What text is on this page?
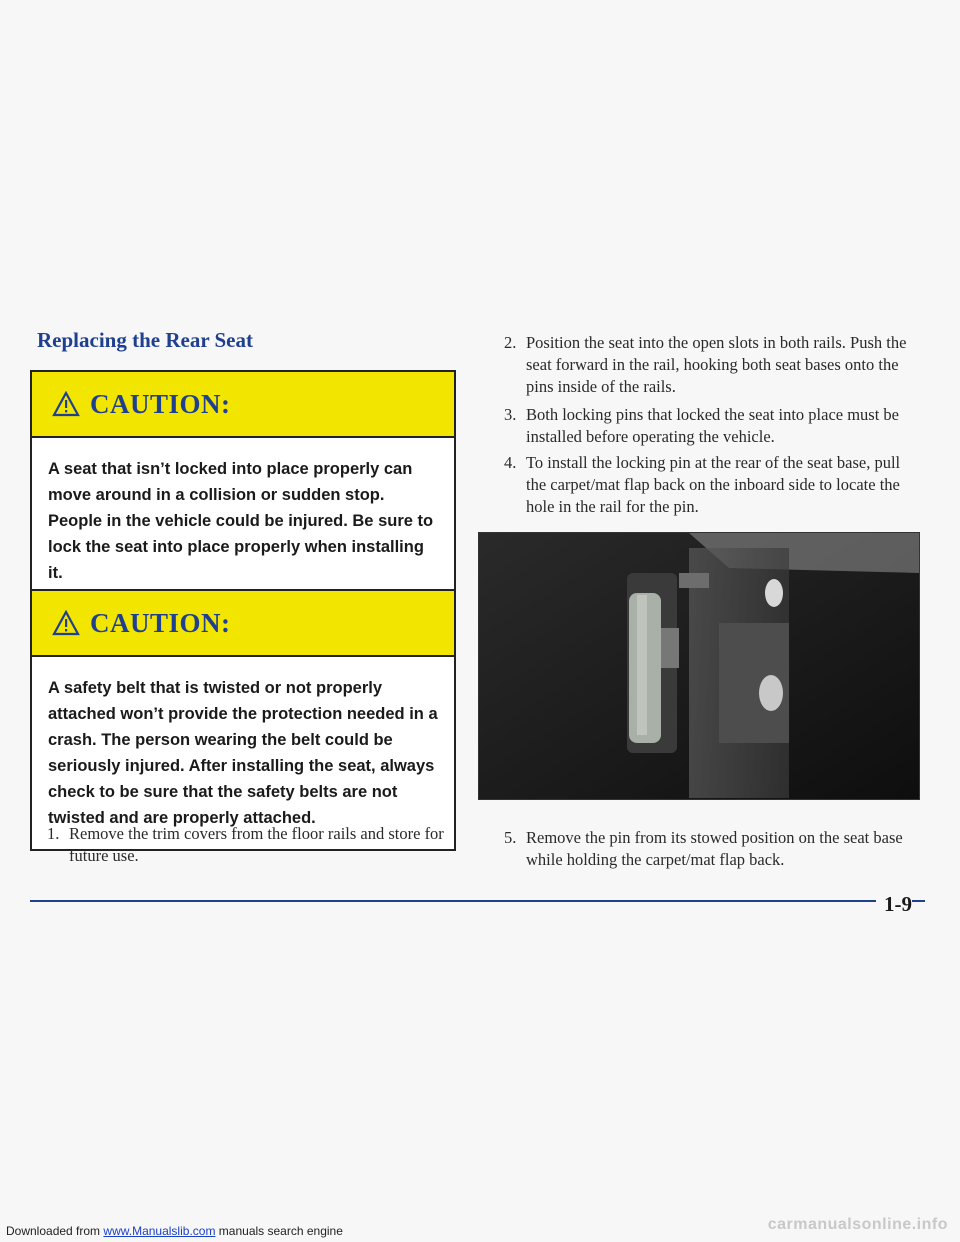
Replacing the Rear Seat
CAUTION:
A seat that isn’t locked into place properly can move around in a collision or sudden stop. People in the vehicle could be injured. Be sure to lock the seat into place properly when installing it.
CAUTION:
A safety belt that is twisted or not properly attached won’t provide the protection needed in a crash. The person wearing the belt could be seriously injured. After installing the seat, always check to be sure that the safety belts are not twisted and are properly attached.
1. Remove the trim covers from the floor rails and store for future use.
2. Position the seat into the open slots in both rails. Push the seat forward in the rail, hooking both seat bases onto the pins inside of the rails.
3. Both locking pins that locked the seat into place must be installed before operating the vehicle.
4. To install the locking pin at the rear of the seat base, pull the carpet/mat flap back on the inboard side to locate the hole in the rail for the pin.
5. Remove the pin from its stowed position on the seat base while holding the carpet/mat flap back.
1-9
Downloaded from www.Manualslib.com manuals search engine	carmanualsonline.info
